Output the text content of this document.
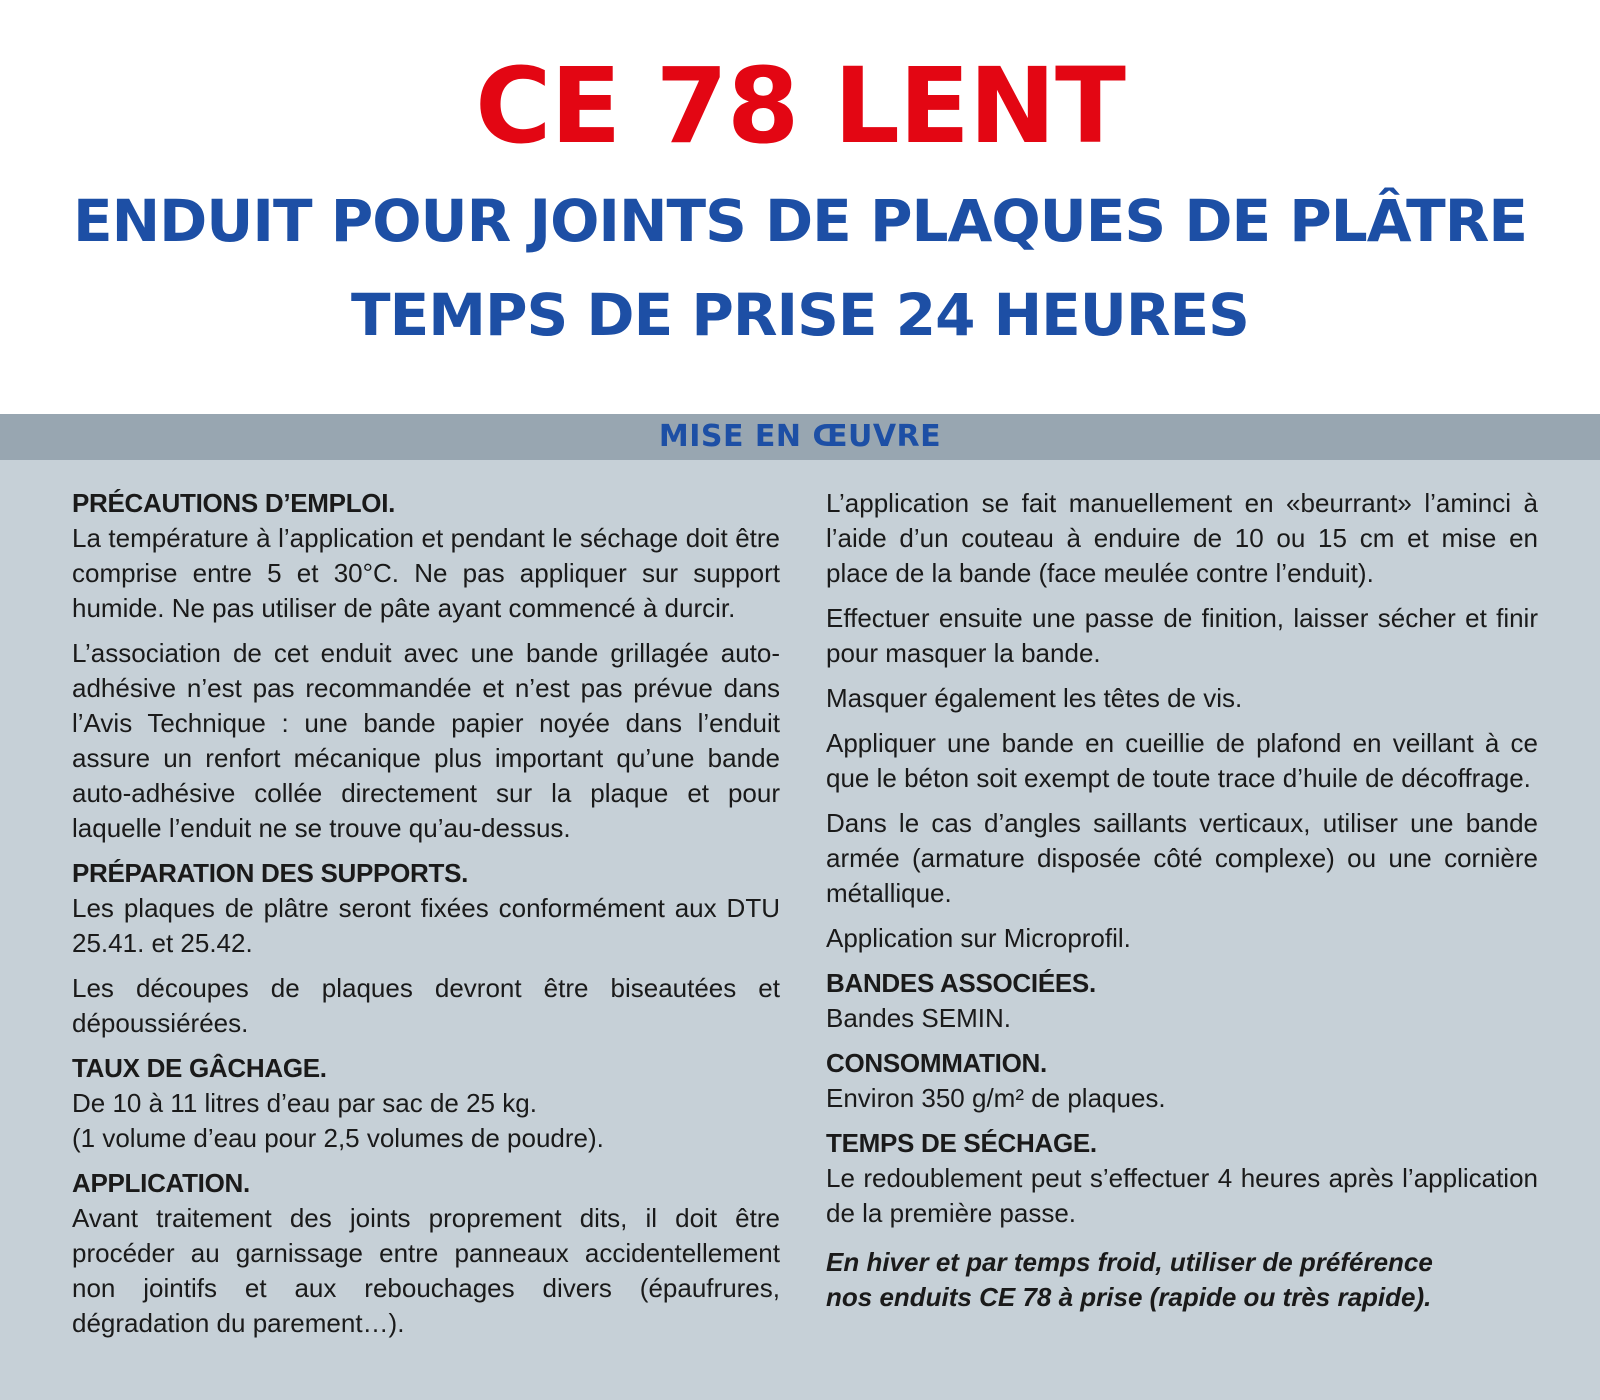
CE 78 LENT
ENDUIT POUR JOINTS DE PLAQUES DE PLÂTRE
TEMPS DE PRISE 24 HEURES
MISE EN ŒUVRE
PRÉCAUTIONS D’EMPLOI.

La température à l’application et pendant le séchage doit être comprise entre 5 et 30°C. Ne pas appliquer sur support humide. Ne pas utiliser de pâte ayant commencé à durcir.

L’association de cet enduit avec une bande grillagée auto-adhésive n’est pas recommandée et n’est pas prévue dans l’Avis Technique : une bande papier noyée dans l’enduit assure un renfort mécanique plus important qu’une bande auto-adhésive collée directement sur la plaque et pour laquelle l’enduit ne se trouve qu’au-dessus.

PRÉPARATION DES SUPPORTS.

Les plaques de plâtre seront fixées conformément aux DTU 25.41. et 25.42.

Les découpes de plaques devront être biseautées et dépoussiérées.

TAUX DE GÂCHAGE.

De 10 à 11 litres d’eau par sac de 25 kg.
(1 volume d’eau pour 2,5 volumes de poudre).

APPLICATION.

Avant traitement des joints proprement dits, il doit être procéder au garnissage entre panneaux accidentellement non jointifs et aux rebouchages divers (épaufrures, dégradation du parement…).

L’application se fait manuellement en «beurrant» l’aminci à l’aide d’un couteau à enduire de 10 ou 15 cm et mise en place de la bande (face meulée contre l’enduit).

Effectuer ensuite une passe de finition, laisser sécher et finir pour masquer la bande.

Masquer également les têtes de vis.

Appliquer une bande en cueillie de plafond en veillant à ce que le béton soit exempt de toute trace d’huile de décoffrage.

Dans le cas d’angles saillants verticaux, utiliser une bande armée (armature disposée côté complexe) ou une cornière métallique.

Application sur Microprofil.

BANDES ASSOCIÉES.

Bandes SEMIN.

CONSOMMATION.

Environ 350 g/m² de plaques.

TEMPS DE SÉCHAGE.

Le redoublement peut s’effectuer 4 heures après l’application de la première passe.

En hiver et par temps froid, utiliser de préférence
nos enduits CE 78 à prise (rapide ou très rapide).
